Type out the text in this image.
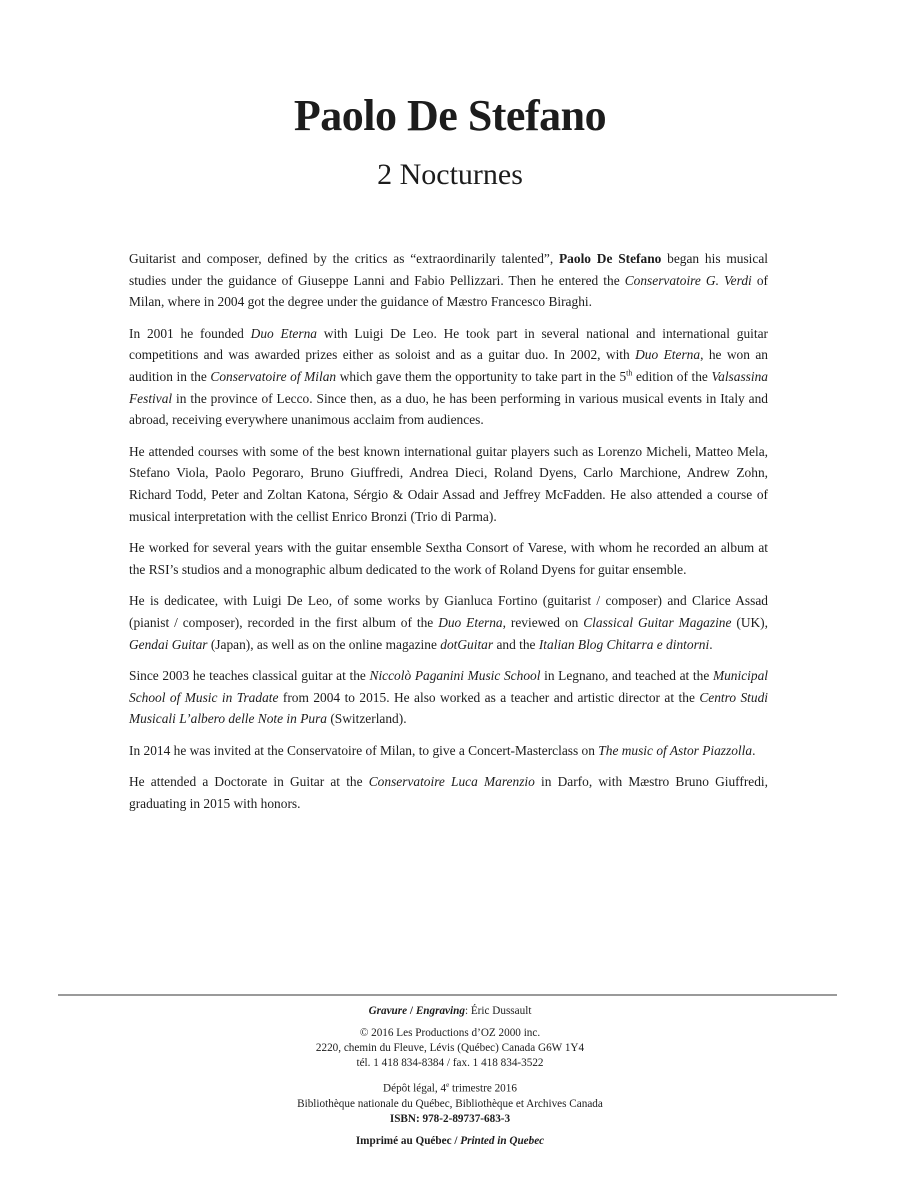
Paolo De Stefano
2 Nocturnes

Guitarist and composer, defined by the critics as “extraordinarily talented”, Paolo De Stefano began his musical studies under the guidance of Giuseppe Lanni and Fabio Pellizzari. Then he entered the Conservatoire G. Verdi of Milan, where in 2004 got the degree under the guidance of Mæstro Francesco Biraghi.

In 2001 he founded Duo Eterna with Luigi De Leo. He took part in several national and international guitar competitions and was awarded prizes either as soloist and as a guitar duo. In 2002, with Duo Eterna, he won an audition in the Conservatoire of Milan which gave them the opportunity to take part in the 5th edition of the Valsassina Festival in the province of Lecco. Since then, as a duo, he has been performing in various musical events in Italy and abroad, receiving everywhere unanimous acclaim from audiences.

He attended courses with some of the best known international guitar players such as Lorenzo Micheli, Matteo Mela, Stefano Viola, Paolo Pegoraro, Bruno Giuffredi, Andrea Dieci, Roland Dyens, Carlo Marchione, Andrew Zohn, Richard Todd, Peter and Zoltan Katona, Sérgio & Odair Assad and Jeffrey McFadden. He also attended a course of musical interpretation with the cellist Enrico Bronzi (Trio di Parma).

He worked for several years with the guitar ensemble Sextha Consort of Varese, with whom he recorded an album at the RSI’s studios and a monographic album dedicated to the work of Roland Dyens for guitar ensemble.

He is dedicatee, with Luigi De Leo, of some works by Gianluca Fortino (guitarist / composer) and Clarice Assad (pianist / composer), recorded in the first album of the Duo Eterna, reviewed on Classical Guitar Magazine (UK), Gendai Guitar (Japan), as well as on the online magazine dotGuitar and the Italian Blog Chitarra e dintorni.

Since 2003 he teaches classical guitar at the Niccolò Paganini Music School in Legnano, and teached at the Municipal School of Music in Tradate from 2004 to 2015. He also worked as a teacher and artistic director at the Centro Studi Musicali L’albero delle Note in Pura (Switzerland).

In 2014 he was invited at the Conservatoire of Milan, to give a Concert-Masterclass on The music of Astor Piazzolla.

He attended a Doctorate in Guitar at the Conservatoire Luca Marenzio in Darfo, with Mæstro Bruno Giuffredi, graduating in 2015 with honors.

Gravure / Engraving: Éric Dussault
© 2016 Les Productions d’OZ 2000 inc.
2220, chemin du Fleuve, Lévis (Québec) Canada G6W 1Y4
tél. 1 418 834-8384 / fax. 1 418 834-3522
Dépôt légal, 4e trimestre 2016
Bibliothèque nationale du Québec, Bibliothèque et Archives Canada
ISBN: 978-2-89737-683-3
Imprimé au Québec / Printed in Quebec
